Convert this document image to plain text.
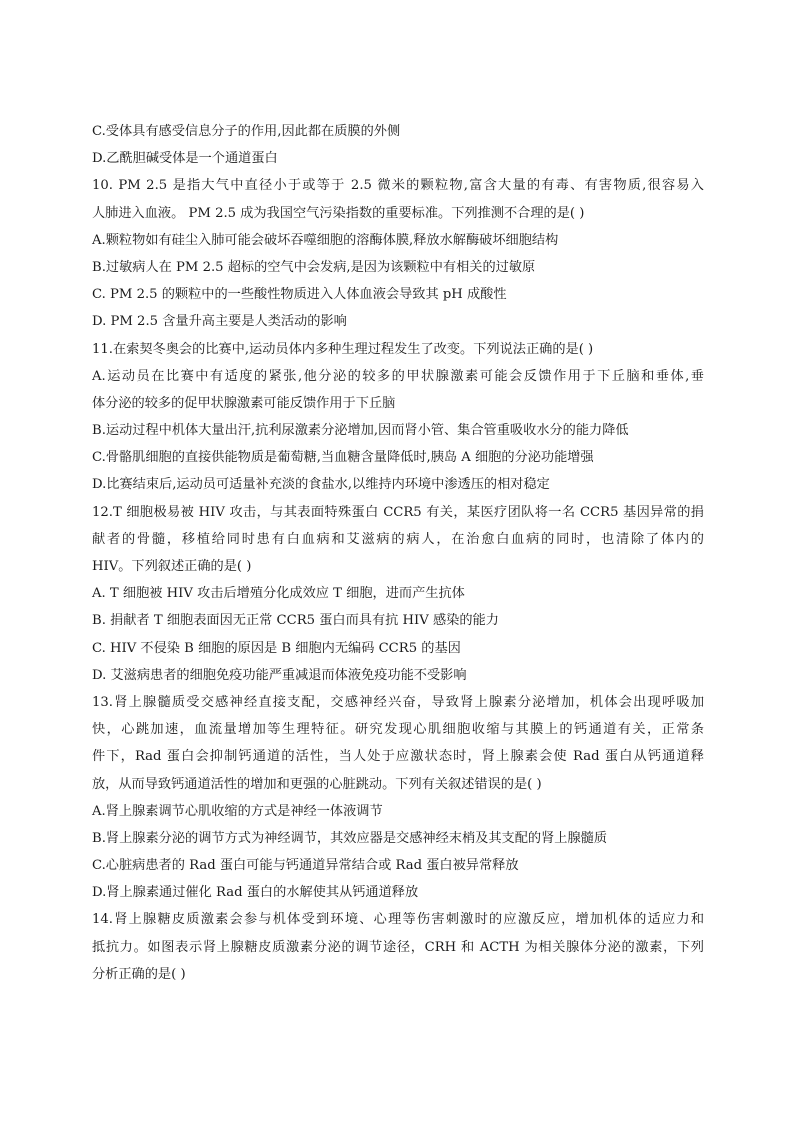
C.受体具有感受信息分子的作用,因此都在质膜的外侧
D.乙酰胆碱受体是一个通道蛋白
10. PM 2.5 是指大气中直径小于或等于 2.5 微米的颗粒物,富含大量的有毒、有害物质,很容易入
人肺进入血液。 PM 2.5 成为我国空气污染指数的重要标准。下列推测不合理的是( )
A.颗粒物如有硅尘入肺可能会破坏吞噬细胞的溶酶体膜,释放水解酶破坏细胞结构
B.过敏病人在 PM 2.5 超标的空气中会发病,是因为该颗粒中有相关的过敏原
C. PM 2.5 的颗粒中的一些酸性物质进入人体血液会导致其 pH 成酸性
D. PM 2.5 含量升高主要是人类活动的影响
11.在索契冬奥会的比赛中,运动员体内多种生理过程发生了改变。下列说法正确的是( )
A.运动员在比赛中有适度的紧张,他分泌的较多的甲状腺激素可能会反馈作用于下丘脑和垂体,垂
体分泌的较多的促甲状腺激素可能反馈作用于下丘脑
B.运动过程中机体大量出汗,抗利尿激素分泌增加,因而肾小管、集合管重吸收水分的能力降低
C.骨骼肌细胞的直接供能物质是葡萄糖,当血糖含量降低时,胰岛 A 细胞的分泌功能增强
D.比赛结束后,运动员可适量补充淡的食盐水,以维持内环境中渗透压的相对稳定
12.T 细胞极易被 HIV 攻击，与其表面特殊蛋白 CCR5 有关，某医疗团队将一名 CCR5 基因异常的捐
献者的骨髓，移植给同时患有白血病和艾滋病的病人，在治愈白血病的同时，也清除了体内的
HIV。下列叙述正确的是( )
A. T 细胞被 HIV 攻击后增殖分化成效应 T 细胞，进而产生抗体
B. 捐献者 T 细胞表面因无正常 CCR5 蛋白而具有抗 HIV 感染的能力
C. HIV 不侵染 B 细胞的原因是 B 细胞内无编码 CCR5 的基因
D. 艾滋病患者的细胞免疫功能严重减退而体液免疫功能不受影响
13.肾上腺髓质受交感神经直接支配，交感神经兴奋，导致肾上腺素分泌增加，机体会出现呼吸加
快，心跳加速，血流量增加等生理特征。研究发现心肌细胞收缩与其膜上的钙通道有关，正常条
件下，Rad 蛋白会抑制钙通道的活性，当人处于应激状态时，肾上腺素会使 Rad 蛋白从钙通道释
放，从而导致钙通道活性的增加和更强的心脏跳动。下列有关叙述错误的是( )
A.肾上腺素调节心肌收缩的方式是神经一体液调节
B.肾上腺素分泌的调节方式为神经调节，其效应器是交感神经末梢及其支配的肾上腺髓质
C.心脏病患者的 Rad 蛋白可能与钙通道异常结合或 Rad 蛋白被异常释放
D.肾上腺素通过催化 Rad 蛋白的水解使其从钙通道释放
14.肾上腺糖皮质激素会参与机体受到环境、心理等伤害刺激时的应激反应，增加机体的适应力和
抵抗力。如图表示肾上腺糖皮质激素分泌的调节途径，CRH 和 ACTH 为相关腺体分泌的激素，下列
分析正确的是( )
